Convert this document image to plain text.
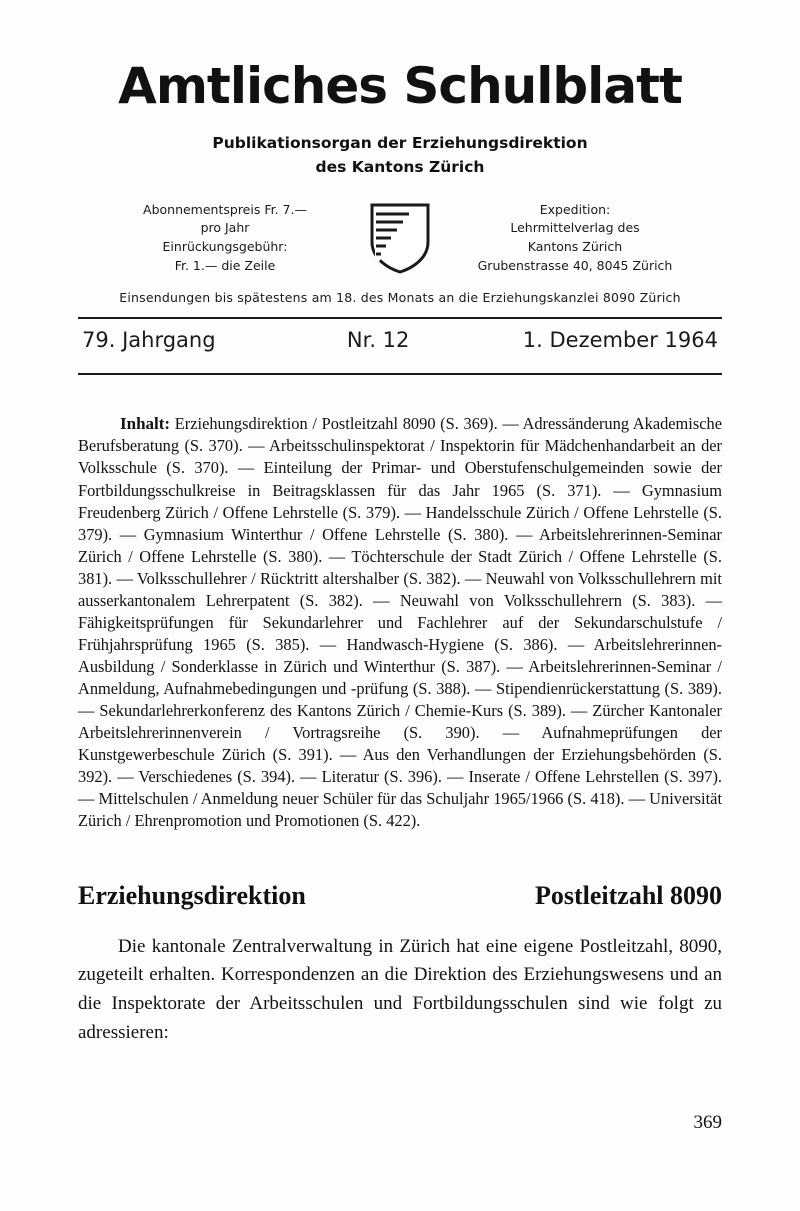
Amtliches Schulblatt
Publikationsorgan der Erziehungsdirektion
des Kantons Zürich
Abonnementspreis Fr. 7.—
pro Jahr
Einrückungsgebühr:
Fr. 1.— die Zeile
Expedition:
Lehrmittelverlag des
Kantons Zürich
Grubenstrasse 40, 8045 Zürich
Einsendungen bis spätestens am 18. des Monats an die Erziehungskanzlei 8090 Zürich
79. Jahrgang	Nr. 12	1. Dezember 1964

Inhalt: Erziehungsdirektion / Postleitzahl 8090 (S. 369). — Adressänderung Akademische Berufsberatung (S. 370). — Arbeitsschulinspektorat / Inspektorin für Mädchenhandarbeit an der Volksschule (S. 370). — Einteilung der Primar- und Oberstufenschulgemeinden sowie der Fortbildungsschulkreise in Beitragsklassen für das Jahr 1965 (S. 371). — Gymnasium Freudenberg Zürich / Offene Lehrstelle (S. 379). — Handelsschule Zürich / Offene Lehrstelle (S. 379). — Gymnasium Winterthur / Offene Lehrstelle (S. 380). — Arbeitslehrerinnen-Seminar Zürich / Offene Lehrstelle (S. 380). — Töchterschule der Stadt Zürich / Offene Lehrstelle (S. 381). — Volksschullehrer / Rücktritt altershalber (S. 382). — Neuwahl von Volksschullehrern mit ausserkantonalem Lehrerpatent (S. 382). — Neuwahl von Volksschullehrern (S. 383). — Fähigkeitsprüfungen für Sekundarlehrer und Fachlehrer auf der Sekundarschulstufe / Frühjahrsprüfung 1965 (S. 385). — Handwasch-Hygiene (S. 386). — Arbeitslehrerinnen-Ausbildung / Sonderklasse in Zürich und Winterthur (S. 387). — Arbeitslehrerinnen-Seminar / Anmeldung, Aufnahmebedingungen und -prüfung (S. 388). — Stipendienrückerstattung (S. 389). — Sekundarlehrerkonferenz des Kantons Zürich / Chemie-Kurs (S. 389). — Zürcher Kantonaler Arbeitslehrerinnenverein / Vortragsreihe (S. 390). — Aufnahmeprüfungen der Kunstgewerbeschule Zürich (S. 391). — Aus den Verhandlungen der Erziehungsbehörden (S. 392). — Verschiedenes (S. 394). — Literatur (S. 396). — Inserate / Offene Lehrstellen (S. 397). — Mittelschulen / Anmeldung neuer Schüler für das Schuljahr 1965/1966 (S. 418). — Universität Zürich / Ehrenpromotion und Promotionen (S. 422).

Erziehungsdirektion	Postleitzahl 8090

Die kantonale Zentralverwaltung in Zürich hat eine eigene Postleitzahl, 8090, zugeteilt erhalten. Korrespondenzen an die Direktion des Erziehungswesens und an die Inspektorate der Arbeitsschulen und Fortbildungsschulen sind wie folgt zu adressieren:

369
